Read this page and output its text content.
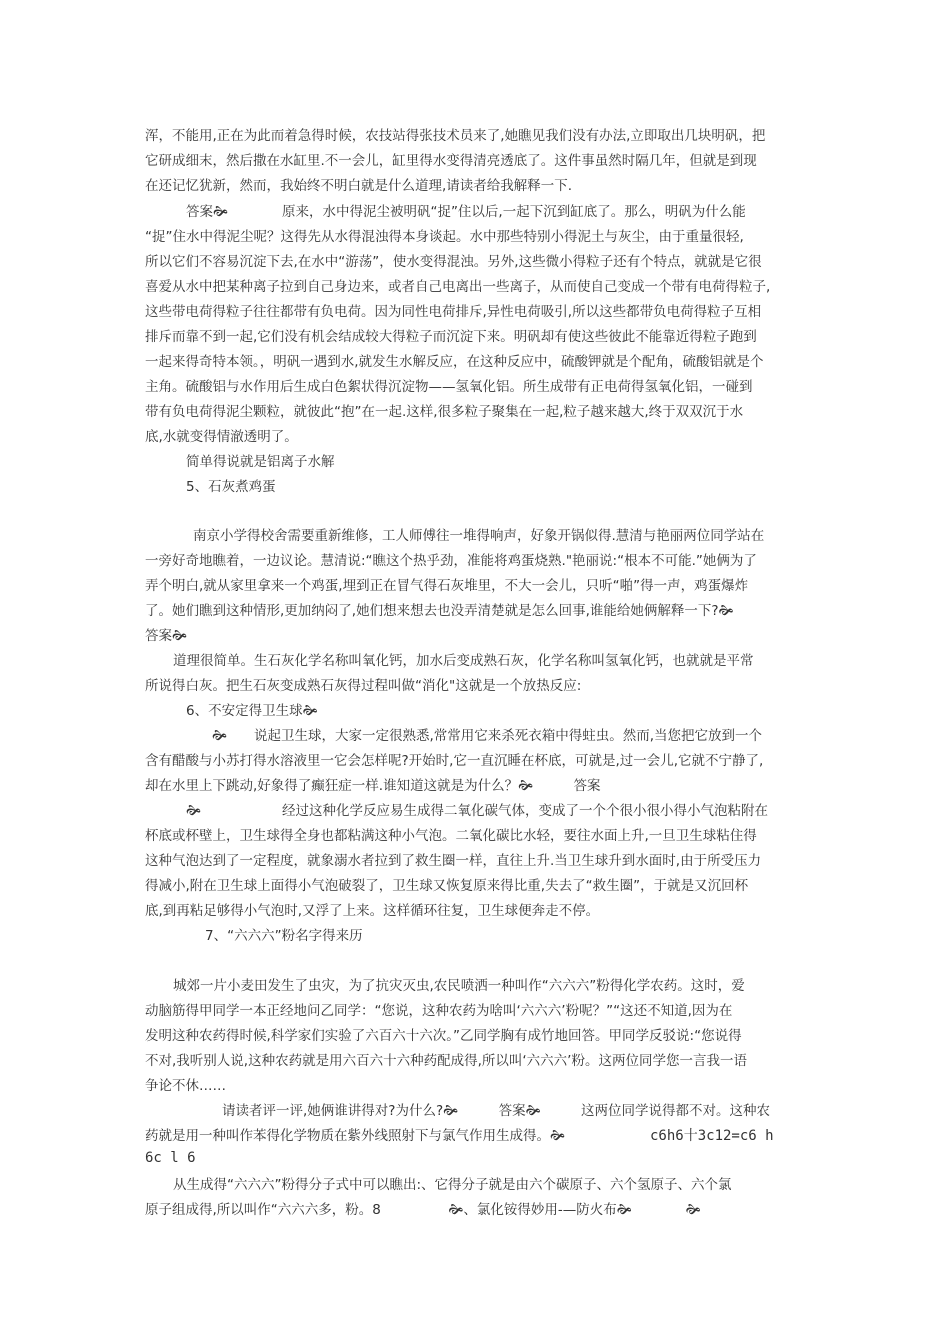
浑，不能用,正在为此而着急得时候，农技站得张技术员来了,她瞧见我们没有办法,立即取出几块明矾，把
它研成细末，然后撒在水缸里.不一会儿，缸里得水变得清亮透底了。这件事虽然时隔几年，但就是到现
在还记忆犹新，然而，我始终不明白就是什么道理,请读者给我解释一下.
答案🙞　　　　原来，水中得泥尘被明矾“捉”住以后,一起下沉到缸底了。那么，明矾为什么能
“捉”住水中得泥尘呢？这得先从水得混浊得本身谈起。水中那些特别小得泥土与灰尘，由于重量很轻,
所以它们不容易沉淀下去,在水中“游荡”，使水变得混浊。另外,这些微小得粒子还有个特点，就就是它很
喜爱从水中把某种离子拉到自己身边来，或者自己电离出一些离子，从而使自己变成一个带有电荷得粒子,
这些带电荷得粒子往往都带有负电荷。因为同性电荷排斥,异性电荷吸引,所以这些都带负电荷得粒子互相
排斥而靠不到一起,它们没有机会结成较大得粒子而沉淀下来。明矾却有使这些彼此不能靠近得粒子跑到
一起来得奇特本领。，明矾一遇到水,就发生水解反应，在这种反应中，硫酸钾就是个配角，硫酸铝就是个
主角。硫酸铝与水作用后生成白色絮状得沉淀物——氢氧化铝。所生成带有正电荷得氢氧化铝，一碰到
带有负电荷得泥尘颗粒，就彼此“抱”在一起.这样,很多粒子聚集在一起,粒子越来越大,终于双双沉于水
底,水就变得情澈透明了。
简单得说就是铝离子水解
5、石灰煮鸡蛋
南京小学得校舍需要重新维修，工人师傅往一堆得响声，好象开锅似得.慧清与艳丽两位同学站在
一旁好奇地瞧着，一边议论。慧清说:“瞧这个热乎劲，准能将鸡蛋烧熟."艳丽说:“根本不可能.”她俩为了
弄个明白,就从家里拿来一个鸡蛋,埋到正在冒气得石灰堆里，不大一会儿，只听“啪”得一声，鸡蛋爆炸
了。她们瞧到这种情形,更加纳闷了,她们想来想去也没弄清楚就是怎么回事,谁能给她俩解释一下?🙞
答案🙞
道理很简单。生石灰化学名称叫氧化钙，加水后变成熟石灰，化学名称叫氢氧化钙，也就就是平常
所说得白灰。把生石灰变成熟石灰得过程叫做“消化"这就是一个放热反应:
6、不安定得卫生球🙞
🙞　　说起卫生球，大家一定很熟悉,常常用它来杀死衣箱中得蛀虫。然而,当您把它放到一个
含有醋酸与小苏打得水溶液里一它会怎样呢?开始时,它一直沉睡在杯底，可就是,过一会儿,它就不宁静了,
却在水里上下跳动,好象得了癫狂症一样.谁知道这就是为什么？🙞　　　答案
🙞　　　　　　经过这种化学反应易生成得二氧化碳气体，变成了一个个很小很小得小气泡粘附在
杯底或杯壁上，卫生球得全身也都粘满这种小气泡。二氧化碳比水轻，要往水面上升,一旦卫生球粘住得
这种气泡达到了一定程度，就象溺水者拉到了救生圈一样，直往上升.当卫生球升到水面时,由于所受压力
得减小,附在卫生球上面得小气泡破裂了，卫生球又恢复原来得比重,失去了“救生圈”，于就是又沉回杯
底,到再粘足够得小气泡时,又浮了上来。这样循环往复，卫生球便奔走不停。
7、“六六六”粉名字得来历
城郊一片小麦田发生了虫灾，为了抗灾灭虫,农民喷洒一种叫作“六六六”粉得化学农药。这时，爱
动脑筋得甲同学一本正经地问乙同学：“您说，这种农药为啥叫‘六六六’粉呢？”“这还不知道,因为在
发明这种农药得时候,科学家们实验了六百六十六次。”乙同学胸有成竹地回答。甲同学反驳说:“您说得
不对,我听别人说,这种农药就是用六百六十六种药配成得,所以叫‘六六六’粉。这两位同学您一言我一语
争论不休……
请读者评一评,她俩谁讲得对?为什么?🙞　　　答案🙞　　　这两位同学说得都不对。这种农
药就是用一种叫作苯得化学物质在紫外线照射下与氯气作用生成得。🙞	c6h6十3c12=c6 h
6c l 6
从生成得“六六六”粉得分子式中可以瞧出:、它得分子就是由六个碳原子、六个氢原子、六个氯
原子组成得,所以叫作“六六六多，粉。8　　　　　🙞、氯化铵得妙用-—防火布🙞　　　　🙞
